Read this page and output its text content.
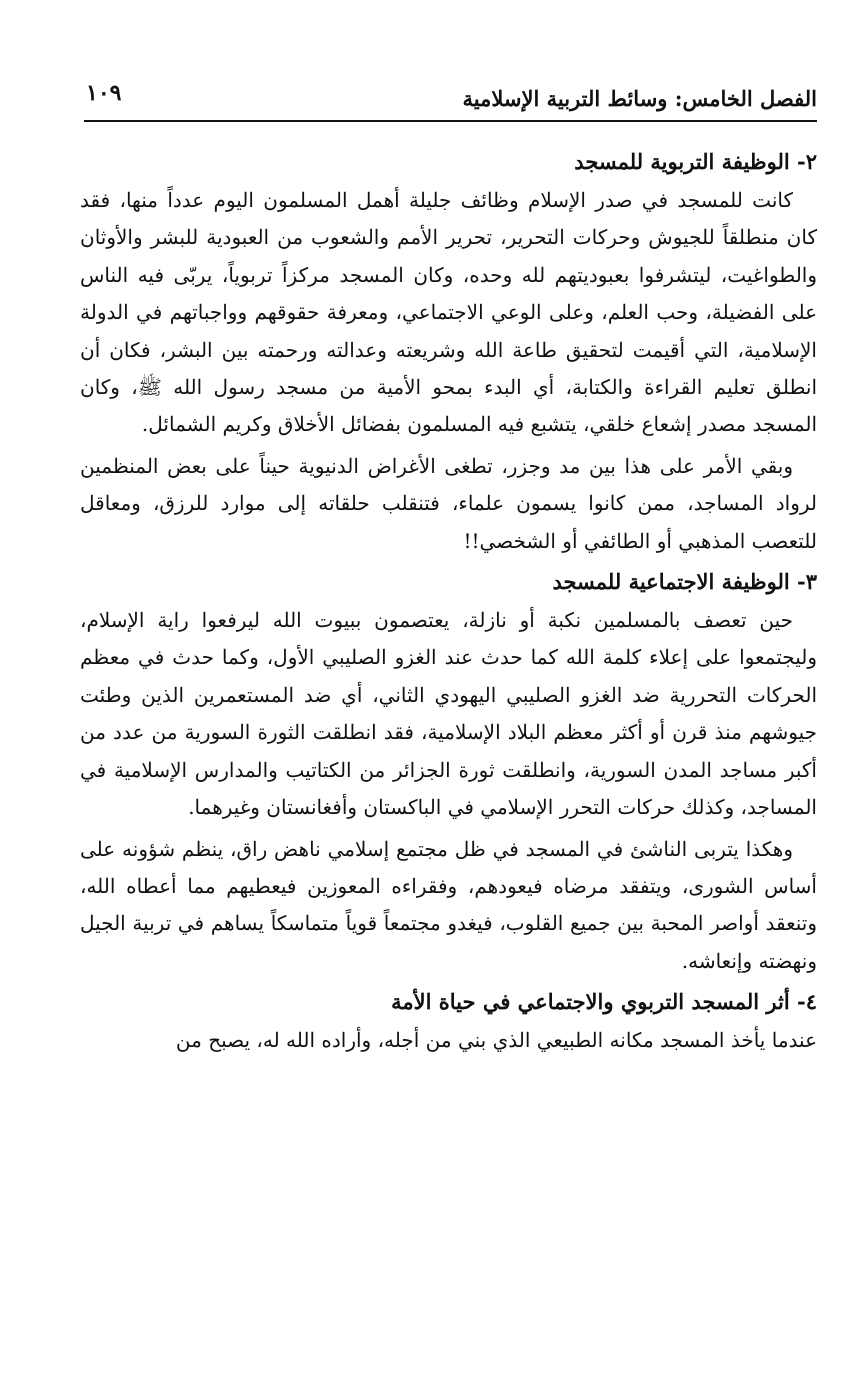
الفصل الخامس: وسائط التربية الإسلامية
١٠٩
٢- الوظيفة التربوية للمسجد

كانت للمسجد في صدر الإسلام وظائف جليلة أهمل المسلمون اليوم عدداً منها، فقد كان منطلقاً للجيوش وحركات التحرير، تحرير الأمم والشعوب من العبودية للبشر والأوثان والطواغيت، ليتشرفوا بعبوديتهم لله وحده، وكان المسجد مركزاً تربوياً، يربّى فيه الناس على الفضيلة، وحب العلم، وعلى الوعي الاجتماعي، ومعرفة حقوقهم وواجباتهم في الدولة الإسلامية، التي أقيمت لتحقيق طاعة الله وشريعته وعدالته ورحمته بين البشر، فكان أن انطلق تعليم القراءة والكتابة، أي البدء بمحو الأمية من مسجد رسول الله ﷺ، وكان المسجد مصدر إشعاع خلقي، يتشبع فيه المسلمون بفضائل الأخلاق وكريم الشمائل.

وبقي الأمر على هذا بين مد وجزر، تطغى الأغراض الدنيوية حيناً على بعض المنظمين لرواد المساجد، ممن كانوا يسمون علماء، فتنقلب حلقاته إلى موارد للرزق، ومعاقل للتعصب المذهبي أو الطائفي أو الشخصي!!

٣- الوظيفة الاجتماعية للمسجد

حين تعصف بالمسلمين نكبة أو نازلة، يعتصمون ببيوت الله ليرفعوا راية الإسلام، وليجتمعوا على إعلاء كلمة الله كما حدث عند الغزو الصليبي الأول، وكما حدث في معظم الحركات التحررية ضد الغزو الصليبي اليهودي الثاني، أي ضد المستعمرين الذين وطئت جيوشهم منذ قرن أو أكثر معظم البلاد الإسلامية، فقد انطلقت الثورة السورية من عدد من أكبر مساجد المدن السورية، وانطلقت ثورة الجزائر من الكتاتيب والمدارس الإسلامية في المساجد، وكذلك حركات التحرر الإسلامي في الباكستان وأفغانستان وغيرهما.

وهكذا يتربى الناشئ في المسجد في ظل مجتمع إسلامي ناهض راق، ينظم شؤونه على أساس الشورى، ويتفقد مرضاه فيعودهم، وفقراءه المعوزين فيعطيهم مما أعطاه الله، وتنعقد أواصر المحبة بين جميع القلوب، فيغدو مجتمعاً قوياً متماسكاً يساهم في تربية الجيل ونهضته وإنعاشه.

٤- أثر المسجد التربوي والاجتماعي في حياة الأمة

عندما يأخذ المسجد مكانه الطبيعي الذي بني من أجله، وأراده الله له، يصبح من
